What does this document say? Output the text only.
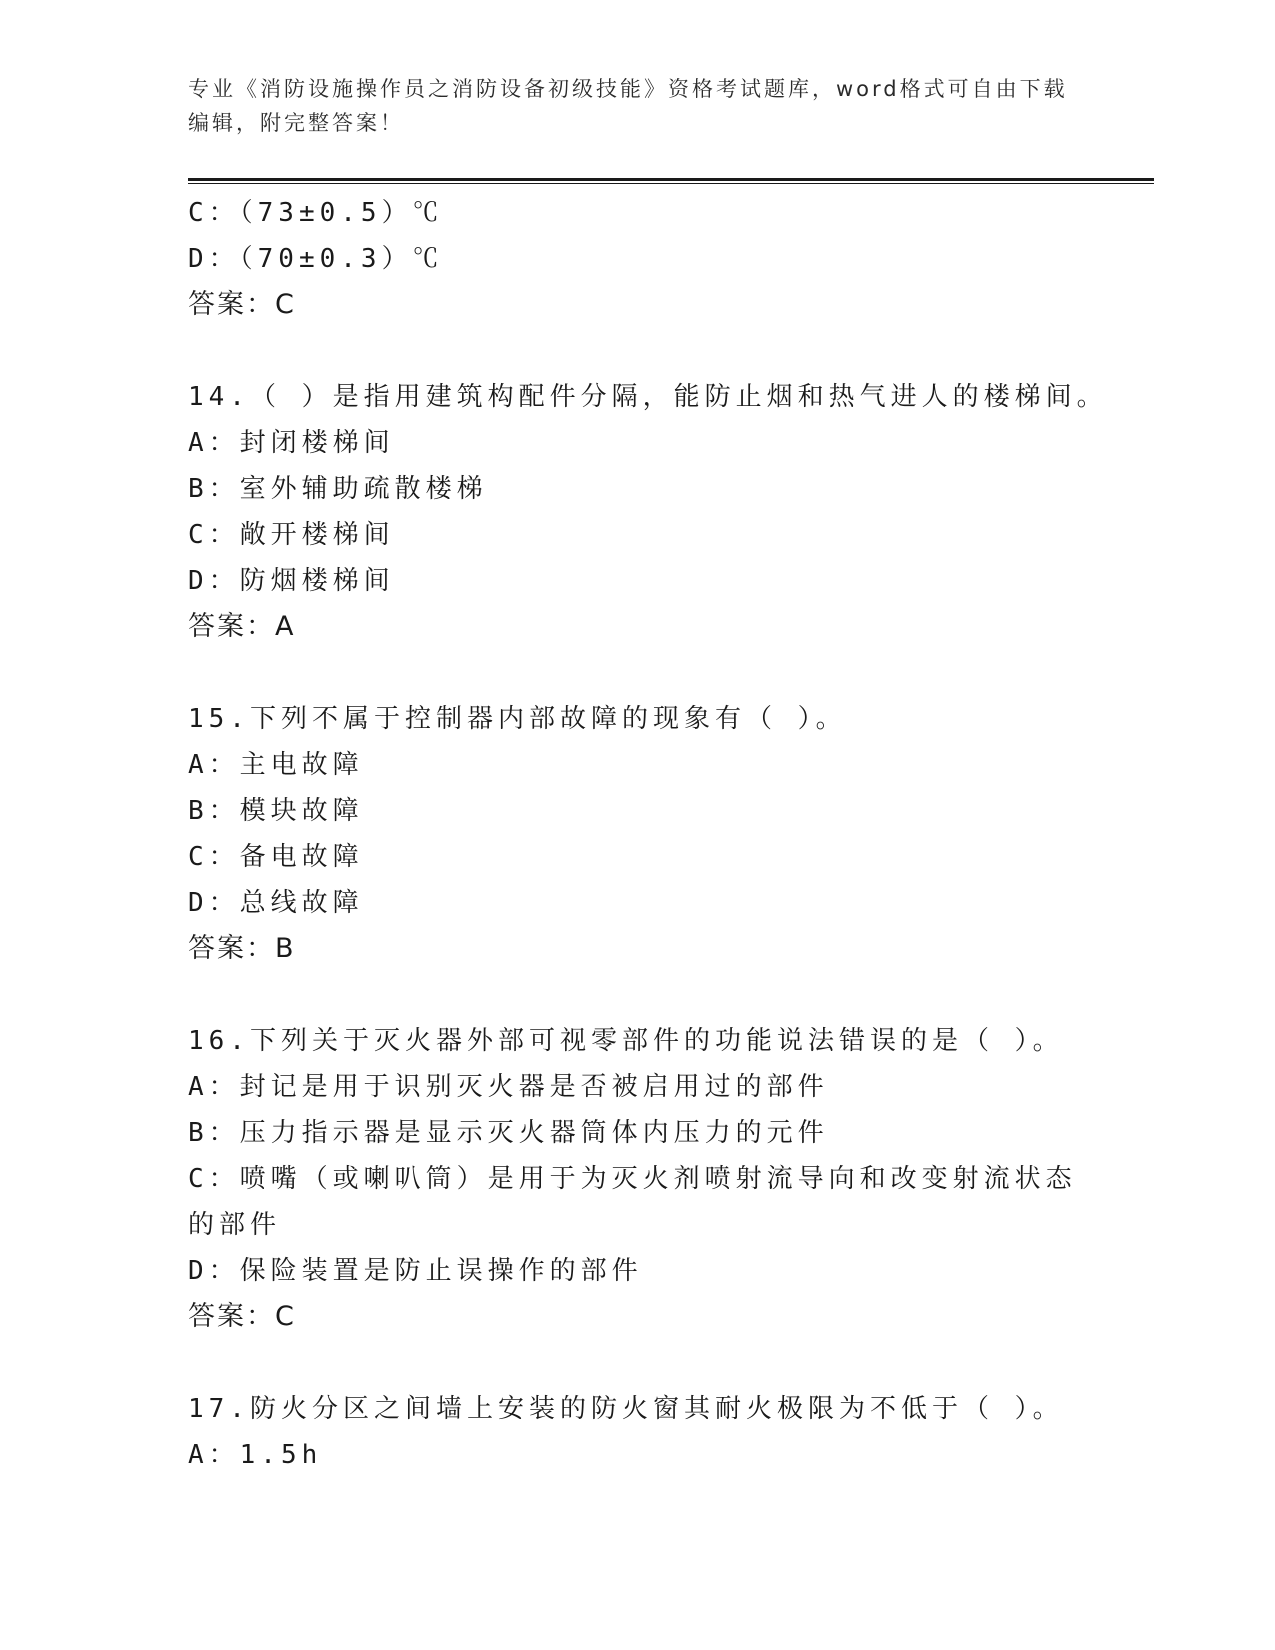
专业《消防设施操作员之消防设备初级技能》资格考试题库，word格式可自由下载编辑，附完整答案！
C：（73±0.5）℃
D：（70±0.3）℃
答案：C
14.（ ）是指用建筑构配件分隔，能防止烟和热气进人的楼梯间。
A：封闭楼梯间
B：室外辅助疏散楼梯
C：敞开楼梯间
D：防烟楼梯间
答案：A
15.下列不属于控制器内部故障的现象有（ ）。
A：主电故障
B：模块故障
C：备电故障
D：总线故障
答案：B
16.下列关于灭火器外部可视零部件的功能说法错误的是（ ）。
A：封记是用于识别灭火器是否被启用过的部件
B：压力指示器是显示灭火器筒体内压力的元件
C：喷嘴（或喇叭筒）是用于为灭火剂喷射流导向和改变射流状态的部件
D：保险装置是防止误操作的部件
答案：C
17.防火分区之间墙上安装的防火窗其耐火极限为不低于（ ）。
A：1.5h
